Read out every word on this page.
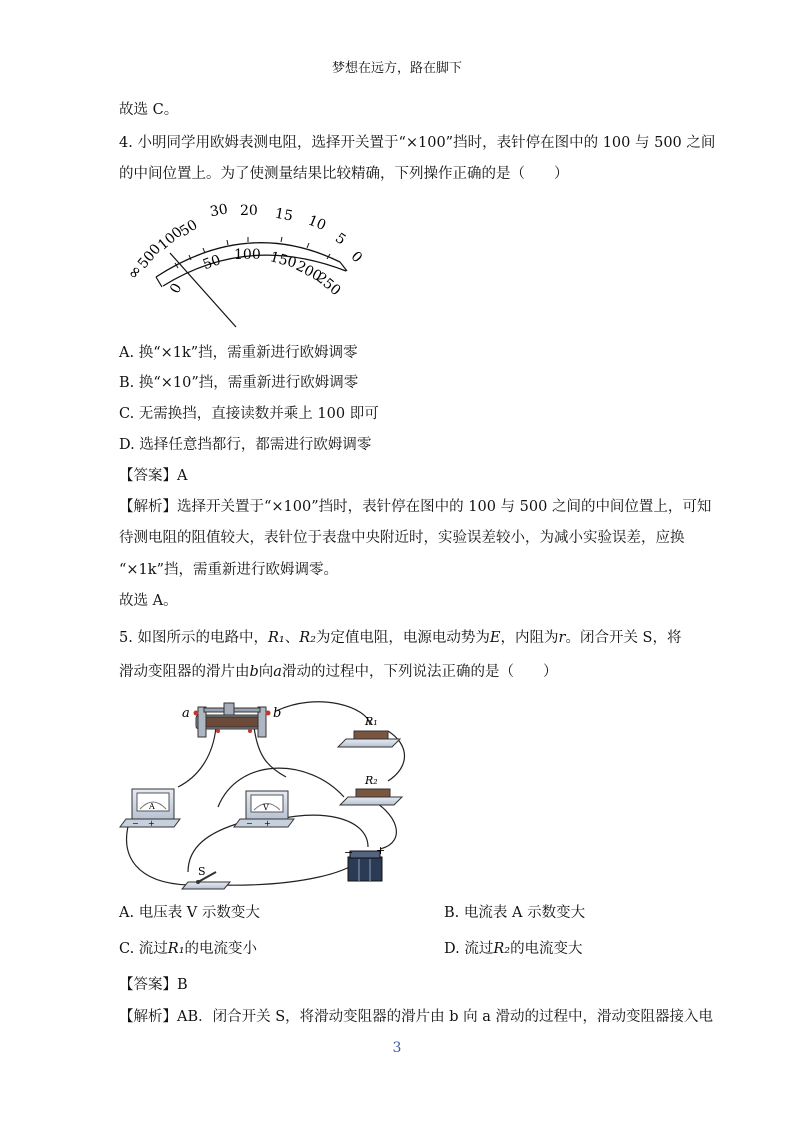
梦想在远方，路在脚下
故选 C。
4. 小明同学用欧姆表测电阻，选择开关置于“×100”挡时，表针停在图中的 100 与 500 之间
的中间位置上。为了使测量结果比较精确，下列操作正确的是（　　）
∞
500
100
50
30 20 15 10
5
0
0
50 100 150
200
250
A. 换“×1k”挡，需重新进行欧姆调零
B. 换“×10”挡，需重新进行欧姆调零
C. 无需换挡，直接读数并乘上 100 即可
D. 选择任意挡都行，都需进行欧姆调零
【答案】A
【解析】选择开关置于“×100”挡时，表针停在图中的 100 与 500 之间的中间位置上，可知
待测电阻的阻值较大，表针位于表盘中央附近时，实验误差较小，为减小实验误差，应换
“×1k”挡，需重新进行欧姆调零。
故选 A。
5. 如图所示的电路中，R₁、R₂为定值电阻，电源电动势为E，内阻为r。闭合开关 S，将
滑动变阻器的滑片由b向a滑动的过程中，下列说法正确的是（　　）
a	b
R₁
R₂
A
− +
V
− +
− +
S
A. 电压表 V 示数变大	B. 电流表 A 示数变大
C. 流过R₁的电流变小	D. 流过R₂的电流变大
【答案】B
【解析】AB．闭合开关 S，将滑动变阻器的滑片由 b 向 a 滑动的过程中，滑动变阻器接入电
3
